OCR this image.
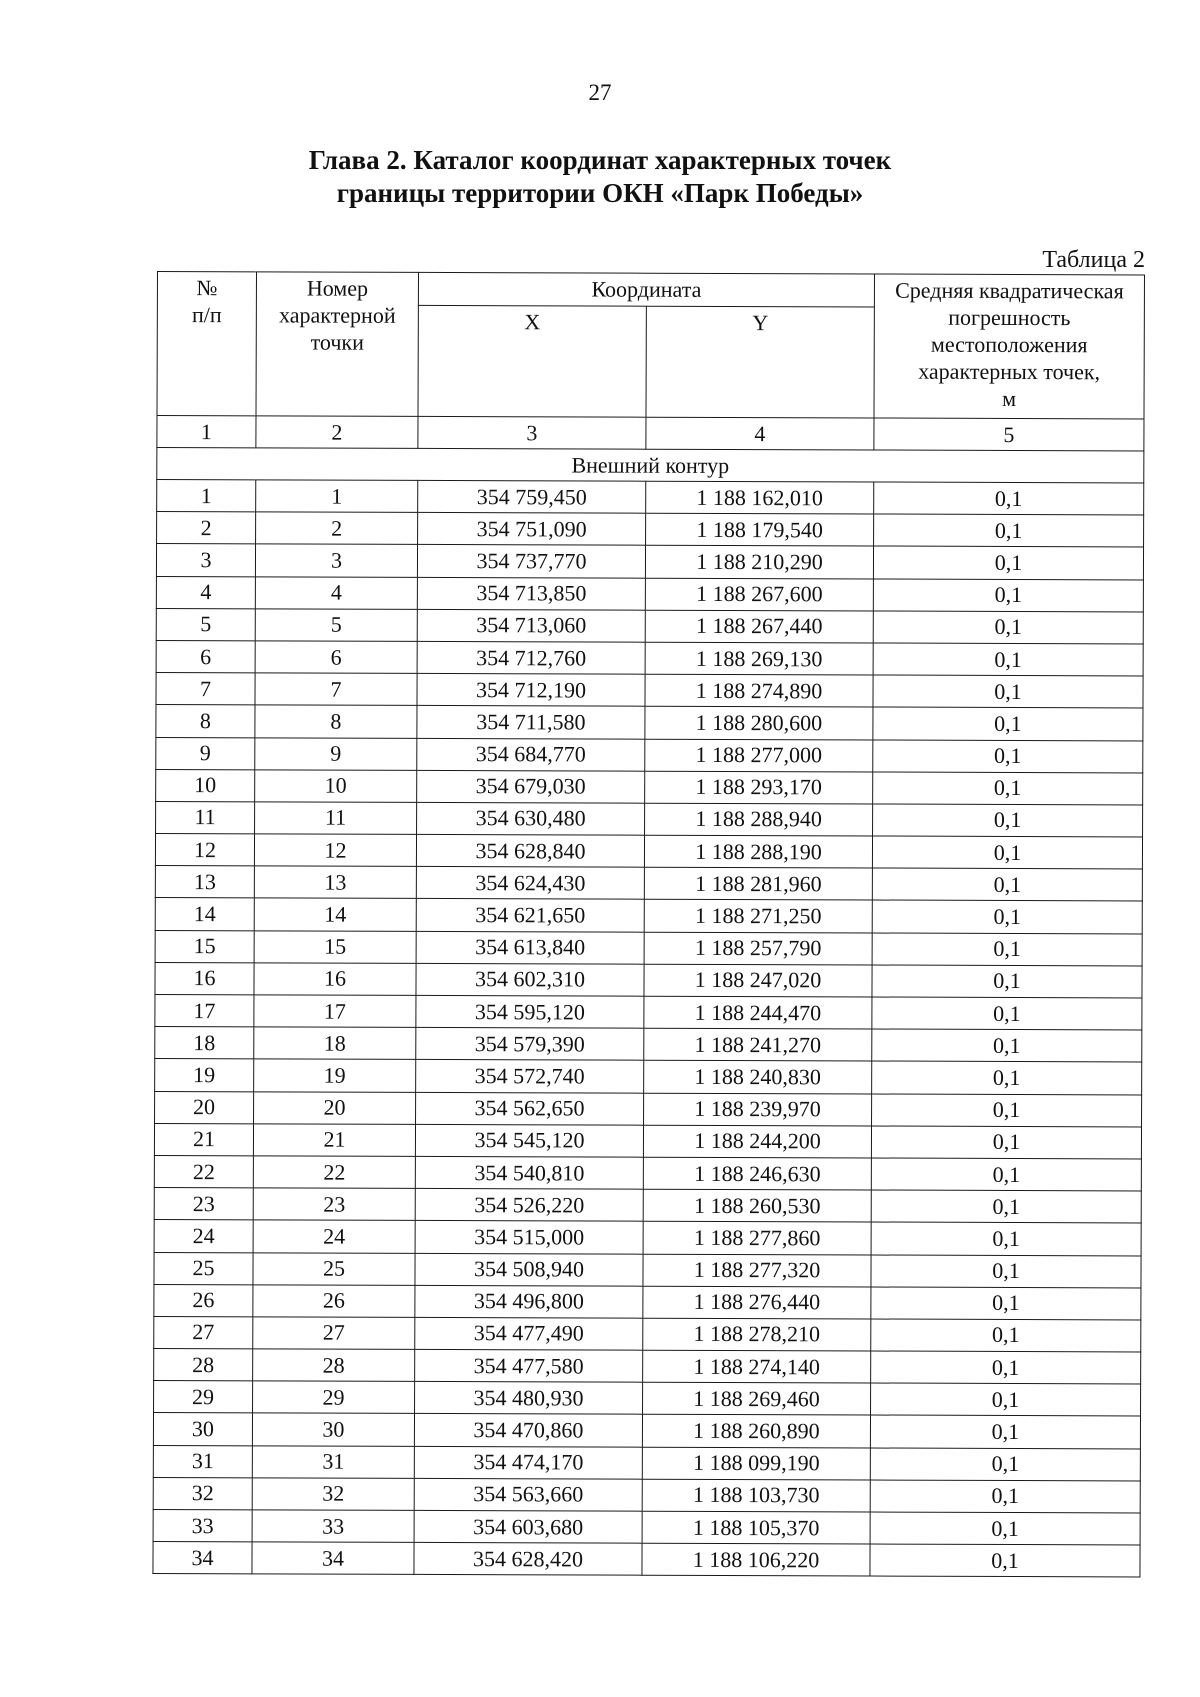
27
Глава 2. Каталог координат характерных точек
границы территории ОКН «Парк Победы»
Таблица 2
№
п/п	Номер
характерной
точки	Координата		Средняя квадратическая
погрешность
местоположения
характерных точек,
м

		X	Y	
1	2	3	4	5
Внешний контур				
1	1	354 759,450	1 188 162,010	0,1
2	2	354 751,090	1 188 179,540	0,1
3	3	354 737,770	1 188 210,290	0,1
4	4	354 713,850	1 188 267,600	0,1
5	5	354 713,060	1 188 267,440	0,1
6	6	354 712,760	1 188 269,130	0,1
7	7	354 712,190	1 188 274,890	0,1
8	8	354 711,580	1 188 280,600	0,1
9	9	354 684,770	1 188 277,000	0,1
10	10	354 679,030	1 188 293,170	0,1
11	11	354 630,480	1 188 288,940	0,1
12	12	354 628,840	1 188 288,190	0,1
13	13	354 624,430	1 188 281,960	0,1
14	14	354 621,650	1 188 271,250	0,1
15	15	354 613,840	1 188 257,790	0,1
16	16	354 602,310	1 188 247,020	0,1
17	17	354 595,120	1 188 244,470	0,1
18	18	354 579,390	1 188 241,270	0,1
19	19	354 572,740	1 188 240,830	0,1
20	20	354 562,650	1 188 239,970	0,1
21	21	354 545,120	1 188 244,200	0,1
22	22	354 540,810	1 188 246,630	0,1
23	23	354 526,220	1 188 260,530	0,1
24	24	354 515,000	1 188 277,860	0,1
25	25	354 508,940	1 188 277,320	0,1
26	26	354 496,800	1 188 276,440	0,1
27	27	354 477,490	1 188 278,210	0,1
28	28	354 477,580	1 188 274,140	0,1
29	29	354 480,930	1 188 269,460	0,1
30	30	354 470,860	1 188 260,890	0,1
31	31	354 474,170	1 188 099,190	0,1
32	32	354 563,660	1 188 103,730	0,1
33	33	354 603,680	1 188 105,370	0,1
34	34	354 628,420	1 188 106,220	0,1
